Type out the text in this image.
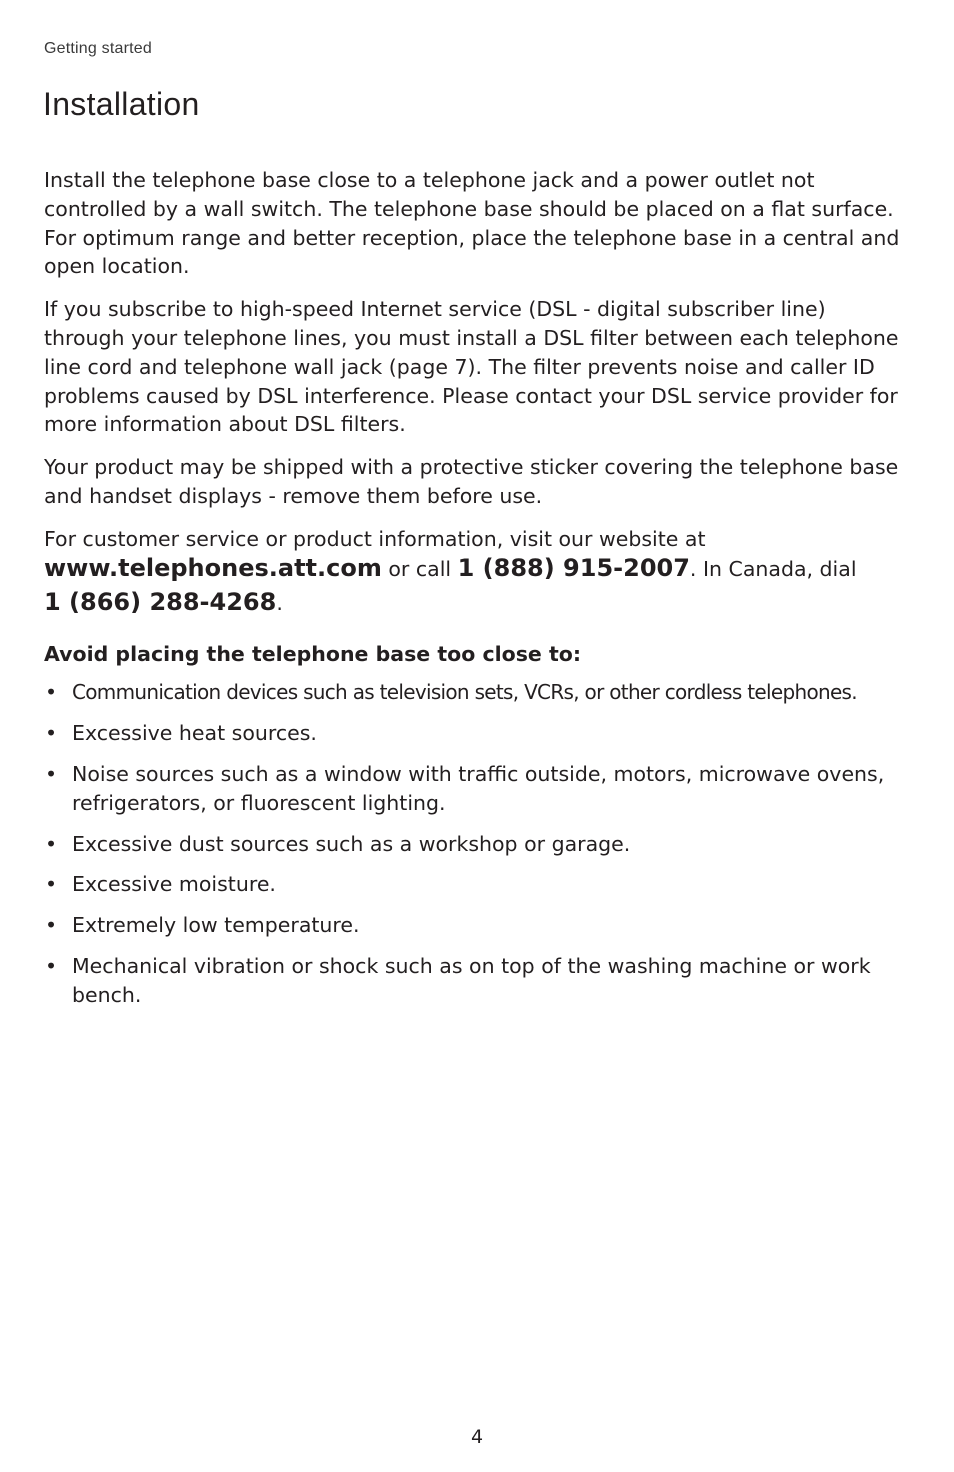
Getting started
Installation

Install the telephone base close to a telephone jack and a power outlet not controlled by a wall switch. The telephone base should be placed on a flat surface. For optimum range and better reception, place the telephone base in a central and open location.

If you subscribe to high-speed Internet service (DSL - digital subscriber line) through your telephone lines, you must install a DSL filter between each telephone line cord and telephone wall jack (page 7). The filter prevents noise and caller ID problems caused by DSL interference. Please contact your DSL service provider for more information about DSL filters.

Your product may be shipped with a protective sticker covering the telephone base and handset displays - remove them before use.

For customer service or product information, visit our website at

www.telephones.att.com or call 1 (888) 915-2007. In Canada, dial
1 (866) 288-4268.

Avoid placing the telephone base too close to:

• Communication devices such as television sets, VCRs, or other cordless telephones.
• Excessive heat sources.
• Noise sources such as a window with traffic outside, motors, microwave ovens, refrigerators, or fluorescent lighting.
• Excessive dust sources such as a workshop or garage.
• Excessive moisture.
• Extremely low temperature.
• Mechanical vibration or shock such as on top of the washing machine or work bench.
4
